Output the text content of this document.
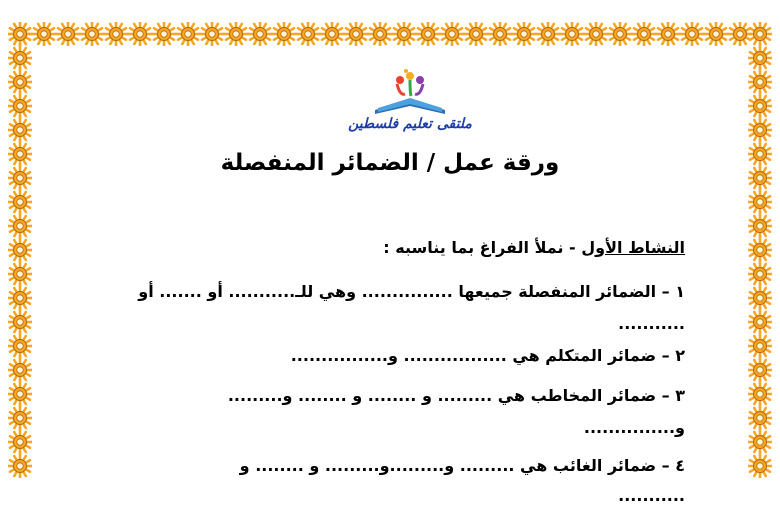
ملتقى تعليم فلسطين
ورقة عمل / الضمائر المنفصلة
النشاط الأول - نملأ الفراغ بما يناسبه :
١ – الضمائر المنفصلة جميعها ............... وهي للـ........... أو ....... أو
...........
٢ – ضمائر المتكلم هي ................. و................
٣ – ضمائر المخاطب هي ......... و ........ و ........ و.........
و...............
٤ – ضمائر الغائب هي ......... و.........و......... و ........ و
...........
